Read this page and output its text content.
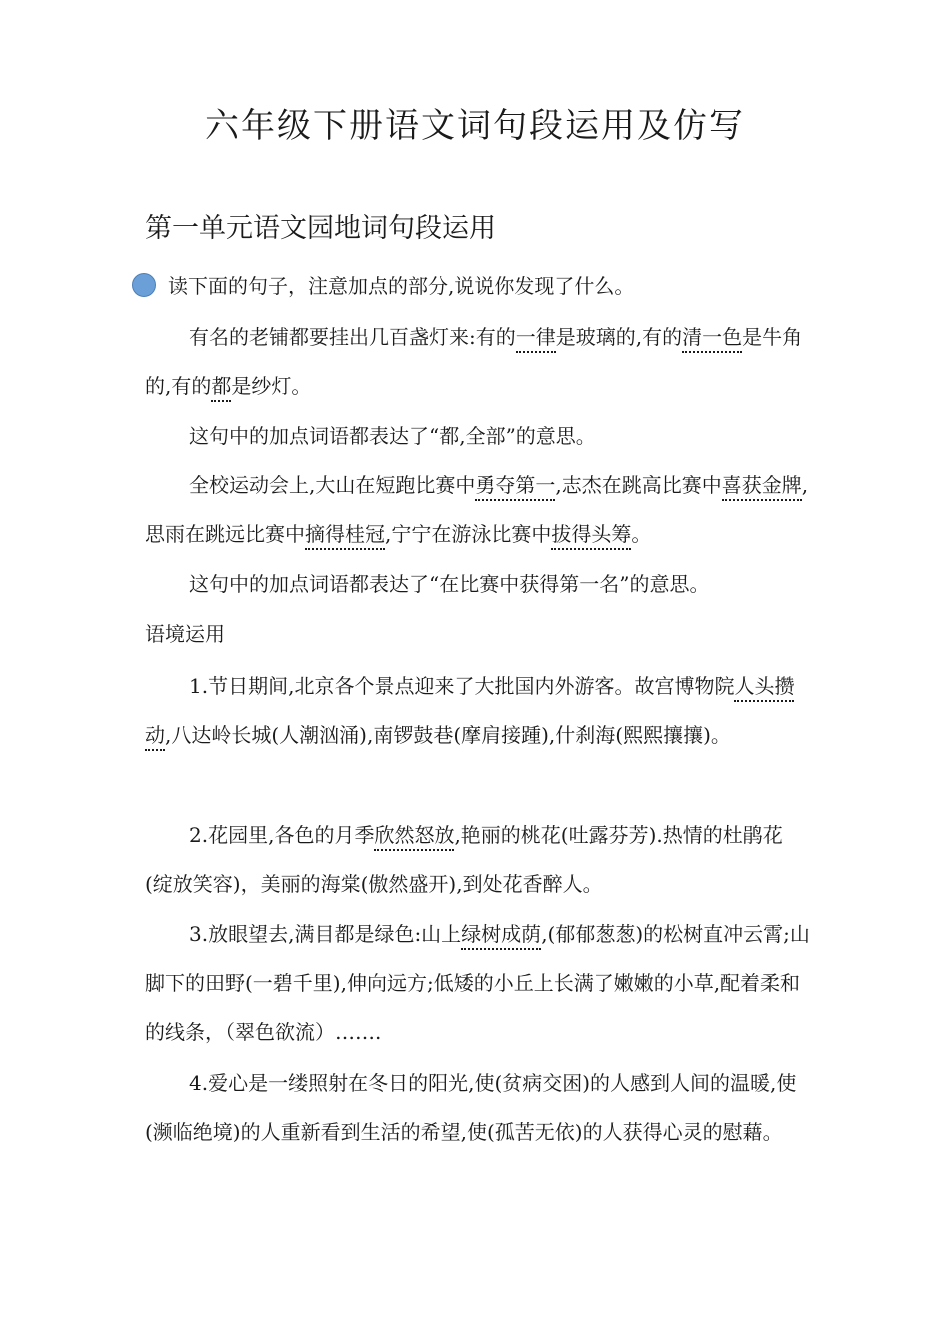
六年级下册语文词句段运用及仿写
第一单元语文园地词句段运用
读下面的句子，注意加点的部分,说说你发现了什么。

有名的老铺都要挂出几百盏灯来:有的一律是玻璃的,有的清一色是牛角的,有的都是纱灯。

这句中的加点词语都表达了“都,全部”的意思。

全校运动会上,大山在短跑比赛中勇夺第一,志杰在跳高比赛中喜获金牌,思雨在跳远比赛中摘得桂冠,宁宁在游泳比赛中拔得头筹。

这句中的加点词语都表达了“在比赛中获得第一名”的意思。

语境运用

1.节日期间,北京各个景点迎来了大批国内外游客。故宫博物院人头攒动,八达岭长城(人潮汹涌),南锣鼓巷(摩肩接踵),什刹海(熙熙攘攘)。

2.花园里,各色的月季欣然怒放,艳丽的桃花(吐露芬芳).热情的杜鹃花(绽放笑容)，美丽的海棠(傲然盛开),到处花香醉人。

3.放眼望去,满目都是绿色:山上绿树成荫,(郁郁葱葱)的松树直冲云霄;山脚下的田野(一碧千里),伸向远方;低矮的小丘上长满了嫩嫩的小草,配着柔和的线条，（翠色欲流）…….

4.爱心是一缕照射在冬日的阳光,使(贫病交困)的人感到人间的温暖,使(濒临绝境)的人重新看到生活的希望,使(孤苦无依)的人获得心灵的慰藉。
